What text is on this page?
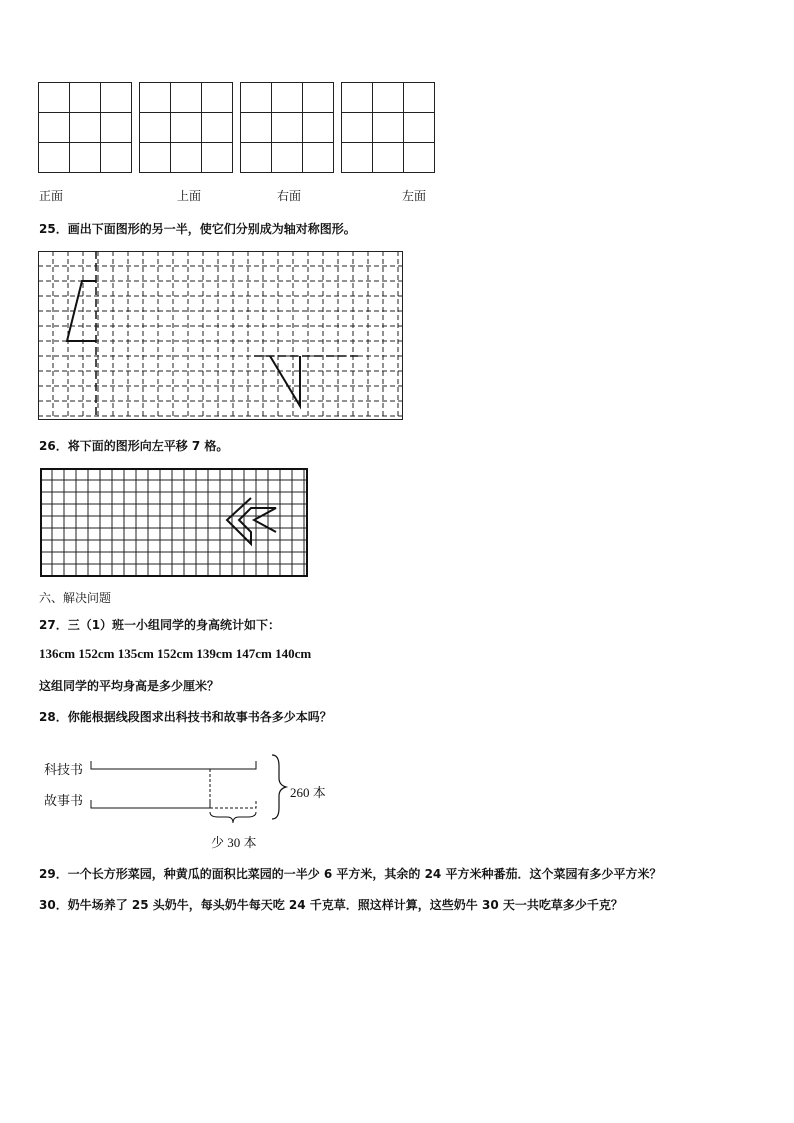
正面	上面	右面	左面
25．画出下面图形的另一半，使它们分别成为轴对称图形。
26．将下面的图形向左平移 7 格。
六、解决问题
27．三（1）班一小组同学的身高统计如下：
136cm 152cm 135cm 152cm 139cm 147cm 140cm
这组同学的平均身高是多少厘米？
28．你能根据线段图求出科技书和故事书各多少本吗？
科技书
故事书
260 本
少 30 本
29．一个长方形菜园，种黄瓜的面积比菜园的一半少 6 平方米，其余的 24 平方米种番茄．这个菜园有多少平方米？
30．奶牛场养了 25 头奶牛，每头奶牛每天吃 24 千克草．照这样计算，这些奶牛 30 天一共吃草多少千克？
